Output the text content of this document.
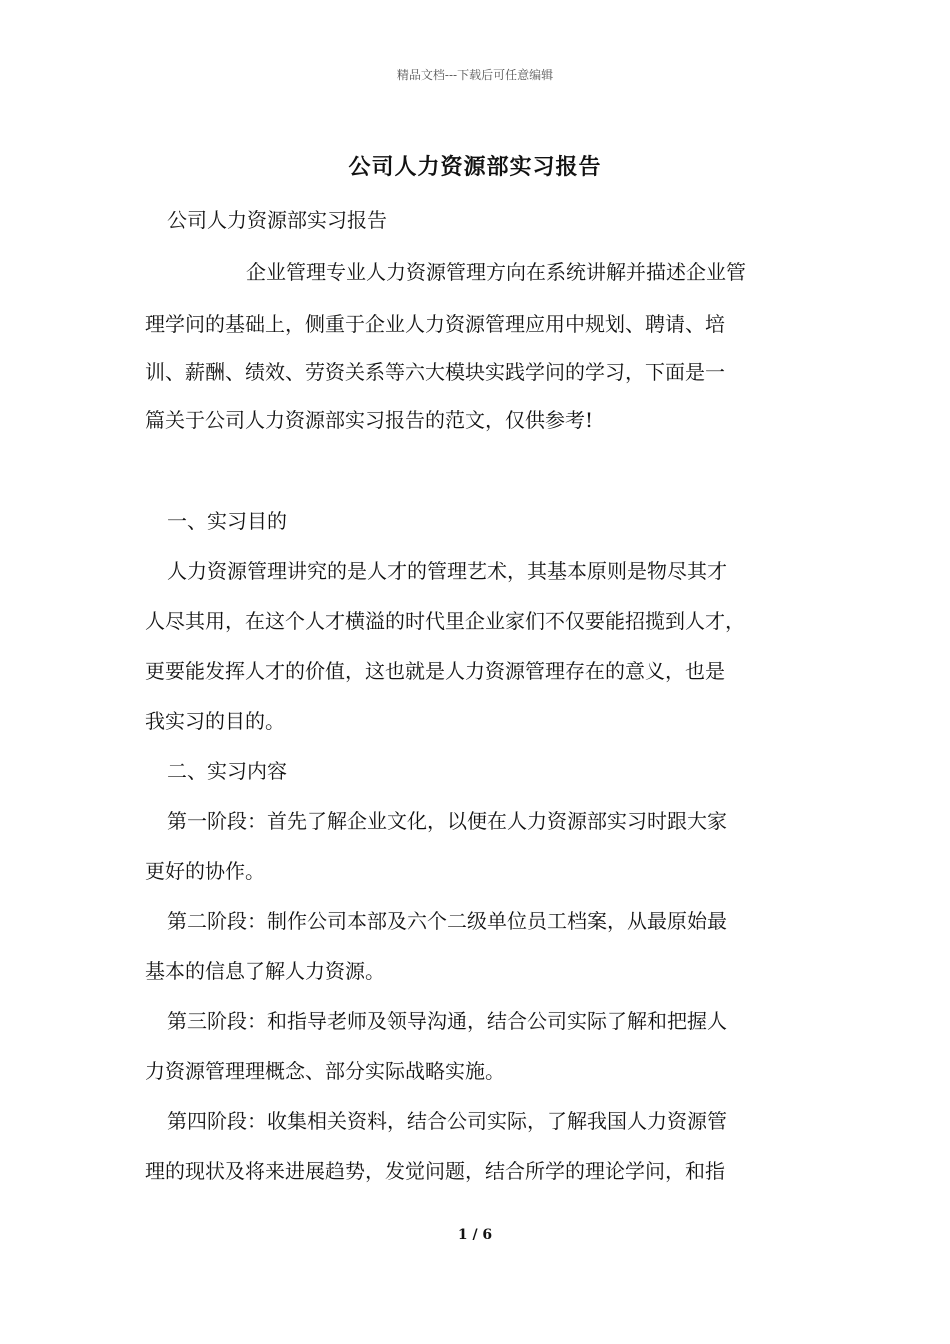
精品文档---下载后可任意编辑
公司人力资源部实习报告
公司人力资源部实习报告
企业管理专业人力资源管理方向在系统讲解并描述企业管
理学问的基础上，侧重于企业人力资源管理应用中规划、聘请、培
训、薪酬、绩效、劳资关系等六大模块实践学问的学习，下面是一
篇关于公司人力资源部实习报告的范文，仅供参考!
一、实习目的
人力资源管理讲究的是人才的管理艺术，其基本原则是物尽其才
人尽其用，在这个人才横溢的时代里企业家们不仅要能招揽到人才，
更要能发挥人才的价值，这也就是人力资源管理存在的意义，也是
我实习的目的。
二、实习内容
第一阶段：首先了解企业文化，以便在人力资源部实习时跟大家
更好的协作。
第二阶段：制作公司本部及六个二级单位员工档案，从最原始最
基本的信息了解人力资源。
第三阶段：和指导老师及领导沟通，结合公司实际了解和把握人
力资源管理理概念、部分实际战略实施。
第四阶段：收集相关资料，结合公司实际，了解我国人力资源管
理的现状及将来进展趋势，发觉问题，结合所学的理论学问，和指
1 / 6
